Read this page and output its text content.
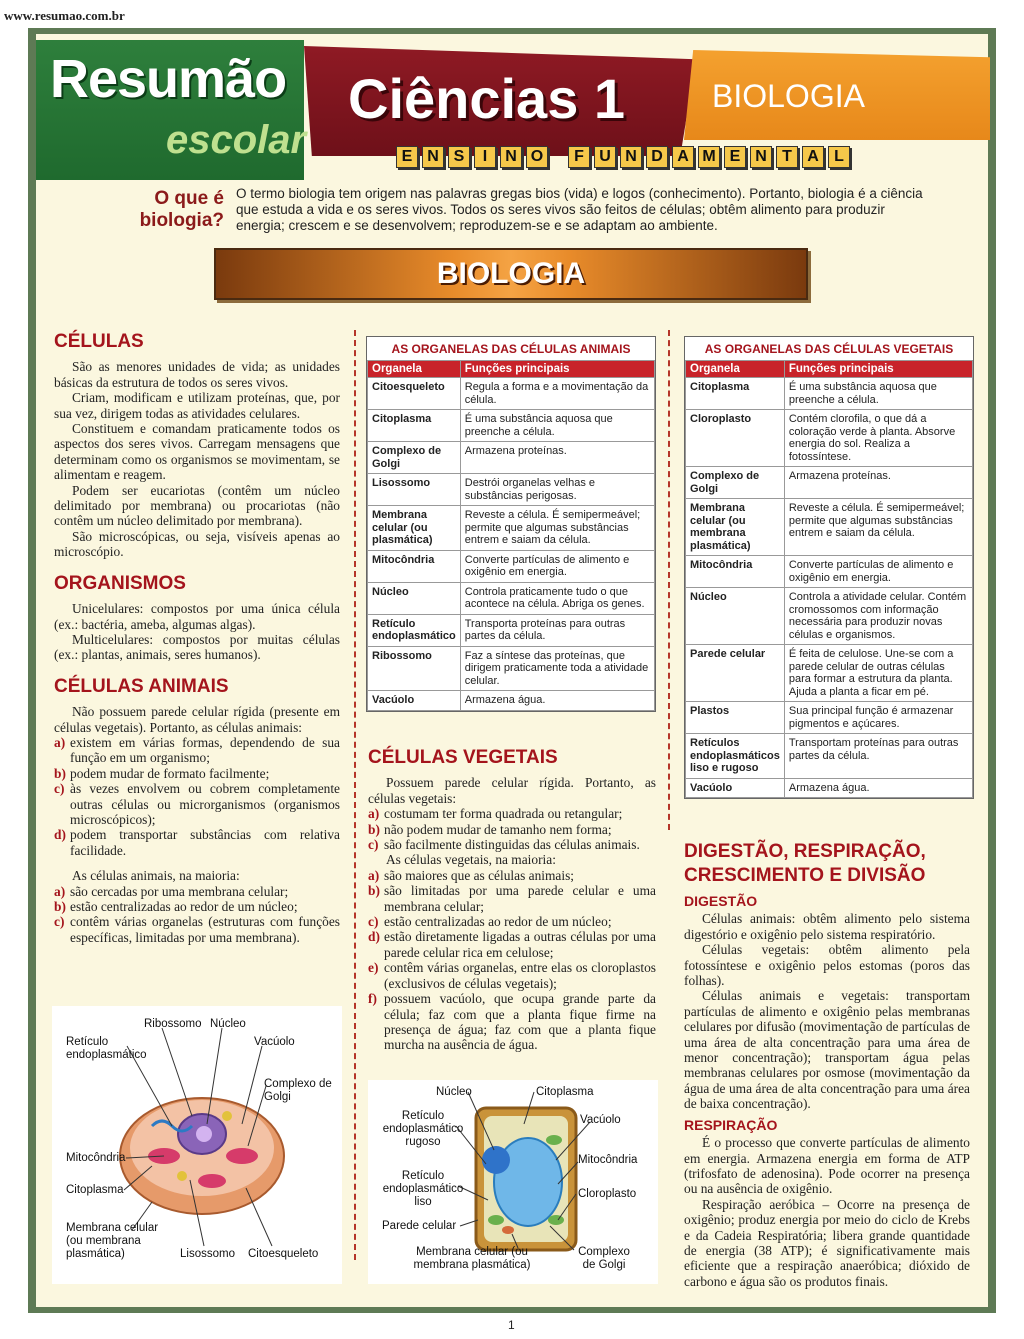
www.resumao.com.br
Resumão
escolar
Ciências 1	BIOLOGIA
E N S	I	N O	F U N D A M E N T A L
O que é biologia?
O termo biologia tem origem nas palavras gregas bios (vida) e logos (conhecimento). Portanto, biologia é a ciência que estuda a vida e os seres vivos. Todos os seres vivos são feitos de células; obtêm alimento para produzir energia; crescem e se desenvolvem; reproduzem-se e se adaptam ao ambiente.
BIOLOGIA
CÉLULAS

São as menores unidades de vida; as unidades básicas da estrutura de todos os seres vivos.

Criam, modificam e utilizam proteínas, que, por sua vez, dirigem todas as atividades celulares.

Constituem e comandam praticamente todos os aspectos dos seres vivos. Carregam mensagens que determinam como os organismos se movimentam, se alimentam e reagem.

Podem ser eucariotas (contêm um núcleo delimitado por membrana) ou procariotas (não contêm um núcleo delimitado por membrana).

São microscópicas, ou seja, visíveis apenas ao microscópio.

ORGANISMOS

Unicelulares: compostos por uma única célula (ex.: bactéria, ameba, algumas algas).

Multicelulares: compostos por muitas células (ex.: plantas, animais, seres humanos).

CÉLULAS ANIMAIS

Não possuem parede celular rígida (presente em células vegetais). Portanto, as células animais:

a) existem em várias formas, dependendo de sua função em um organismo;
b) podem mudar de formato facilmente;
c) às vezes envolvem ou cobrem completamente outras células ou microrganismos (organismos microscópicos);
d) podem transportar substâncias com relativa facilidade.

As células animais, na maioria:

a) são cercadas por uma membrana celular;
b) estão centralizadas ao redor de um núcleo;
c) contêm várias organelas (estruturas com funções específicas, limitadas por uma membrana).
Ribossomo Núcleo
Retículo endoplasmático
Vacúolo
Complexo de Golgi
Mitocôndria
Citoplasma
Membrana celular (ou membrana plasmática)	Lisossomo Citoesqueleto
AS ORGANELAS DAS CÉLULAS ANIMAIS
Organela	Funções principais
Citoesqueleto	Regula a forma e a movimentação da célula.
Citoplasma	É uma substância aquosa que preenche a célula.
Complexo de Golgi	Armazena proteínas.
Lisossomo	Destrói organelas velhas e substâncias perigosas.
Membrana celular (ou plasmática)	Reveste a célula. É semipermeável; permite que algumas substâncias entrem e saiam da célula.
Mitocôndria	Converte partículas de alimento e oxigênio em energia.
Núcleo	Controla praticamente tudo o que acontece na célula. Abriga os genes.
Retículo endoplasmático	Transporta proteínas para outras partes da célula.
Ribossomo	Faz a síntese das proteínas, que dirigem praticamente toda a atividade celular.
Vacúolo	Armazena água.
CÉLULAS VEGETAIS

Possuem parede celular rígida. Portanto, as células vegetais:

a) costumam ter forma quadrada ou retangular;
b) não podem mudar de tamanho nem forma;
c) são facilmente distinguidas das células animais.

As células vegetais, na maioria:

a) são maiores que as células animais;
b) são limitadas por uma parede celular e uma membrana celular;
c) estão centralizadas ao redor de um núcleo;
d) estão diretamente ligadas a outras células por uma parede celular rica em celulose;
e) contêm várias organelas, entre elas os cloroplastos (exclusivos de células vegetais);
f) possuem vacúolo, que ocupa grande parte da célula; faz com que a planta fique firme na presença de água; faz com que a planta fique murcha na ausência de água.
Núcleo	Citoplasma
Retículo endoplasmático rugoso
Vacúolo
Mitocôndria
Retículo endoplasmático liso
Cloroplasto
Parede celular
Membrana celular (ou membrana plasmática)
Complexo de Golgi
AS ORGANELAS DAS CÉLULAS VEGETAIS
Organela	Funções principais
Citoplasma	É uma substância aquosa que preenche a célula.
Cloroplasto	Contém clorofila, o que dá a coloração verde à planta. Absorve energia do sol. Realiza a fotossíntese.
Complexo de Golgi	Armazena proteínas.
Membrana celular (ou membrana plasmática)	Reveste a célula. É semipermeável; permite que algumas substâncias entrem e saiam da célula.
Mitocôndria	Converte partículas de alimento e oxigênio em energia.
Núcleo	Controla a atividade celular. Contém cromossomos com informação necessária para produzir novas células e organismos.
Parede celular	É feita de celulose. Une-se com a parede celular de outras células para formar a estrutura da planta. Ajuda a planta a ficar em pé.
Plastos	Sua principal função é armazenar pigmentos e açúcares.
Retículos endoplasmáticos liso e rugoso	Transportam proteínas para outras partes da célula.
Vacúolo	Armazena água.
DIGESTÃO, RESPIRAÇÃO, CRESCIMENTO E DIVISÃO
DIGESTÃO

Células animais: obtêm alimento pelo sistema digestório e oxigênio pelo sistema respiratório.

Células vegetais: obtêm alimento pela fotossíntese e oxigênio pelos estomas (poros das folhas).

Células animais e vegetais: transportam partículas de alimento e oxigênio pelas membranas celulares por difusão (movimentação de partículas de uma área de alta concentração para uma área de menor concentração); transportam água pelas membranas celulares por osmose (movimentação da água de uma área de alta concentração para uma área de baixa concentração).

RESPIRAÇÃO

É o processo que converte partículas de alimento em energia. Armazena energia em forma de ATP (trifosfato de adenosina). Pode ocorrer na presença ou na ausência de oxigênio.

Respiração aeróbica – Ocorre na presença de oxigênio; produz energia por meio do ciclo de Krebs e da Cadeia Respiratória; libera grande quantidade de energia (38 ATP); é significativamente mais eficiente que a respiração anaeróbica; dióxido de carbono e água são os produtos finais.

1
